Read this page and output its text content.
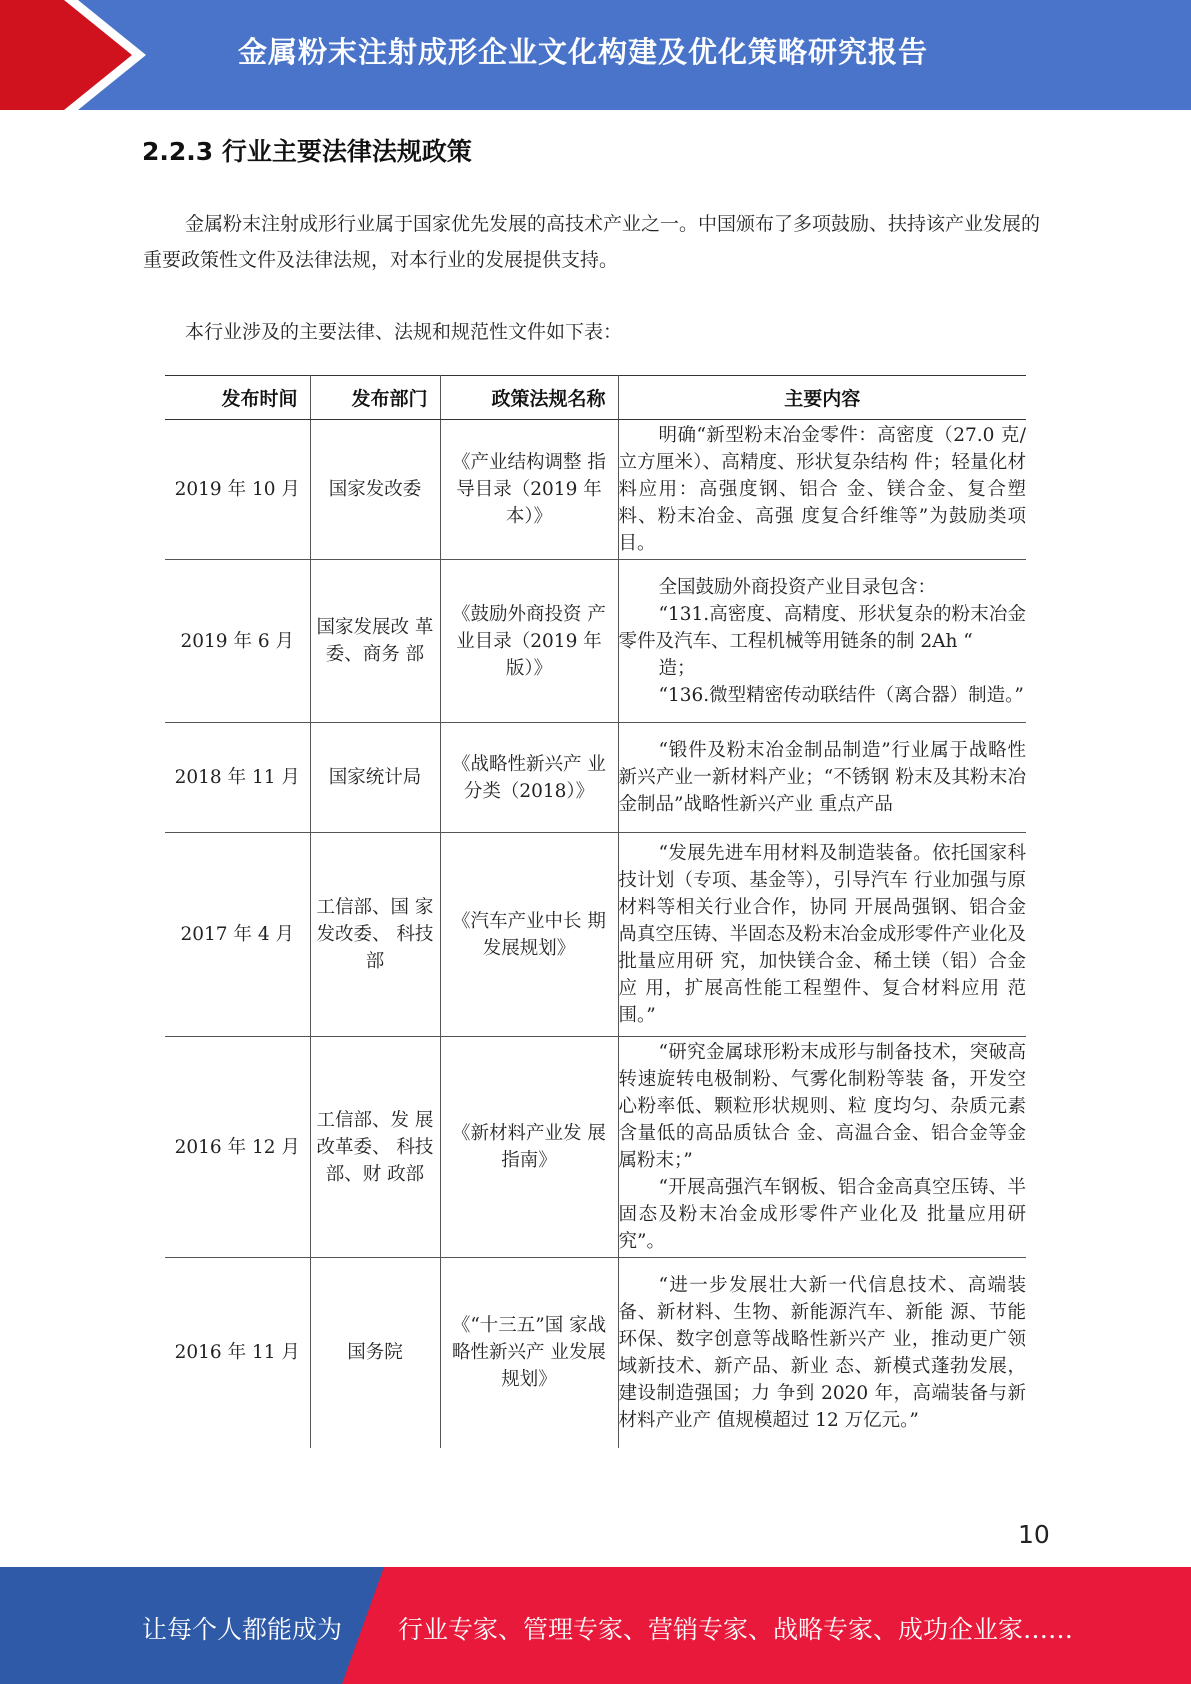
金属粉末注射成形企业文化构建及优化策略研究报告
2.2.3 行业主要法律法规政策
金属粉末注射成形行业属于国家优先发展的高技术产业之一。中国颁布了多项鼓励、扶持该产业发展的重要政策性文件及法律法规，对本行业的发展提供支持。
本行业涉及的主要法律、法规和规范性文件如下表：
发布时间	发布部门	政策法规名称	主要内容
2019 年 10 月	国家发改委	《产业结构调整 指导目录（2019 年本）》	明确“新型粉末冶金零件：高密度（27.0 克/立方厘米）、高精度、形状复杂结构 件；轻量化材料应用：高强度钢、铝合 金、镁合金、复合塑料、粉末冶金、高强 度复合纤维等”为鼓励类项目。

2019 年 6 月	国家发展改 革委、商务 部	《鼓励外商投资 产业目录（2019 年版）》	全国鼓励外商投资产业目录包含：

“131.高密度、高精度、形状复杂的粉末冶金零件及汽车、工程机械等用链条的制 2Ah “

造；

“136.微型精密传动联结件（离合器）制造。”

2018 年 11 月	国家统计局	《战略性新兴产 业分类（2018）》	“锻件及粉末冶金制品制造”行业属于战略性新兴产业一新材料产业；“不锈钢 粉末及其粉末冶金制品”战略性新兴产业 重点产品

2017 年 4 月	工信部、国 家发改委、 科技部	《汽车产业中长 期发展规划》	“发展先进车用材料及制造装备。依托国家科技计划（专项、基金等），引导汽车 行业加强与原材料等相关行业合作，协同 开展咼强钢、铝合金咼真空压铸、半固态及粉末冶金成形零件产业化及批量应用研 究，加快镁合金、稀土镁（铝）合金应 用，扩展高性能工程塑件、复合材料应用 范围。”

2016 年 12 月	工信部、发 展改革委、 科技部、财 政部	《新材料产业发 展指南》	“研究金属球形粉末成形与制备技术，突破高转速旋转电极制粉、气雾化制粉等装 备，开发空心粉率低、颗粒形状规则、粒 度均匀、杂质元素含量低的高品质钛合 金、高温合金、铝合金等金属粉末；”

“开展高强汽车钢板、铝合金高真空压铸、半固态及粉末冶金成形零件产业化及 批量应用研究”。

2016 年 11 月	国务院	《“十三五”国 家战略性新兴产 业发展规划》	“进一步发展壮大新一代信息技术、高端装备、新材料、生物、新能源汽车、新能 源、节能环保、数字创意等战略性新兴产 业，推动更广领域新技术、新产品、新业 态、新模式蓬勃发展，建设制造强国；力 争到 2020 年，高端装备与新材料产业产 值规模超过 12 万亿元。”

10
让每个人都能成为 行业专家、管理专家、营销专家、战略专家、成功企业家……
